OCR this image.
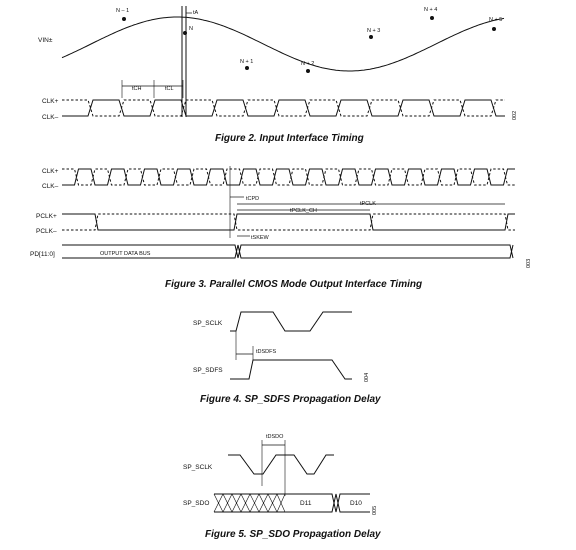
VIN±
N – 1
N
N + 1	N + 2
N + 3
N + 4
N + 5
tA
CLK+
CLK–
tCH	tCL
002
Figure 2. Input Interface Timing
CLK+
CLK–
tCPD
tPCLK_CH
tPCLK
PCLK+
PCLK–
tSKEW
PD[11:0]	OUTPUT DATA BUS
003
Figure 3. Parallel CMOS Mode Output Interface Timing
SP_SCLK
tDSDFS
SP_SDFS
004
Figure 4. SP_SDFS Propagation Delay
SP_SCLK
tDSDO
SP_SDO	D11	D10
005
Figure 5. SP_SDO Propagation Delay
